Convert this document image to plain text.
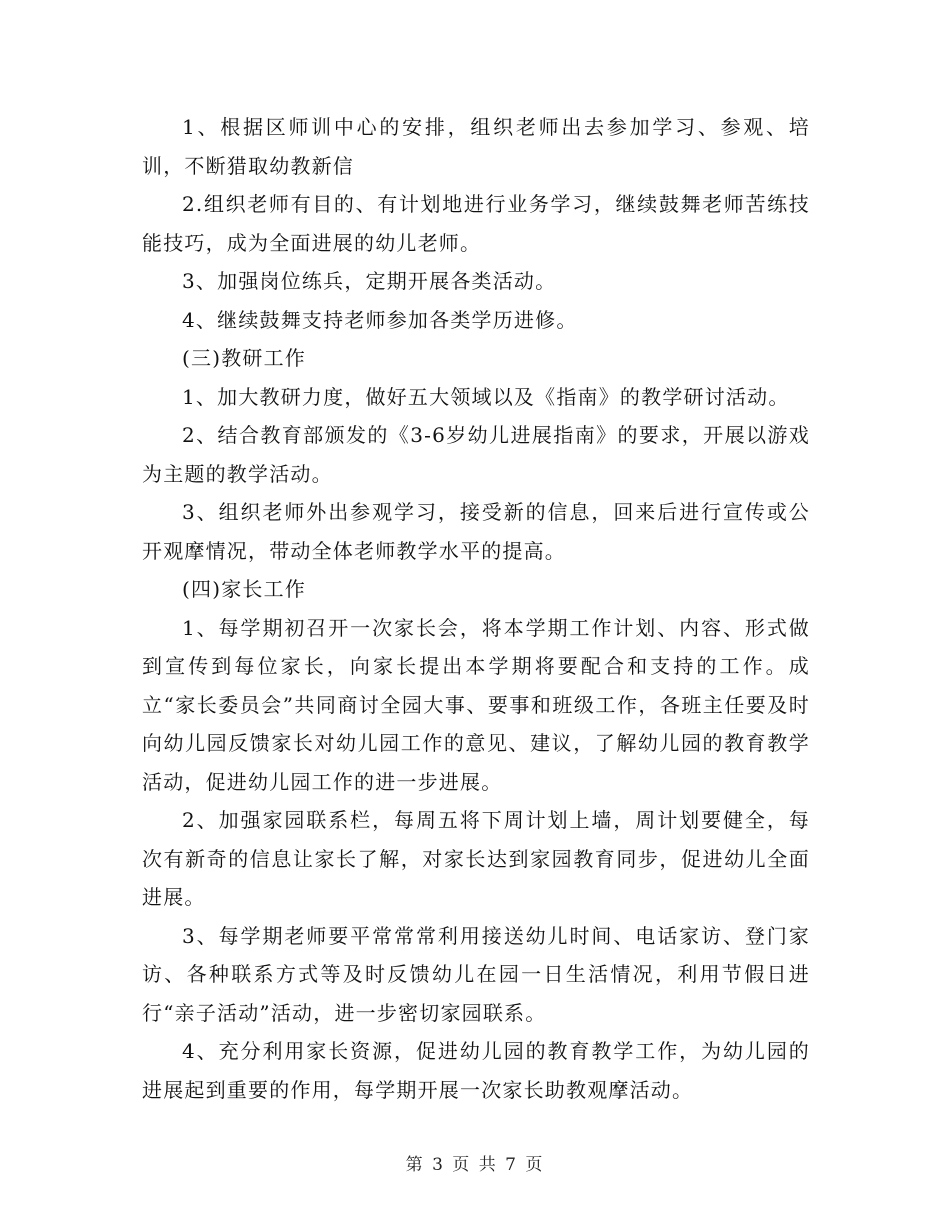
1、根据区师训中心的安排，组织老师出去参加学习、参观、培训，不断猎取幼教新信

2.组织老师有目的、有计划地进行业务学习，继续鼓舞老师苦练技能技巧，成为全面进展的幼儿老师。

3、加强岗位练兵，定期开展各类活动。

4、继续鼓舞支持老师参加各类学历进修。

(三)教研工作

1、加大教研力度，做好五大领域以及《指南》的教学研讨活动。

2、结合教育部颁发的《3-6岁幼儿进展指南》的要求，开展以游戏为主题的教学活动。

3、组织老师外出参观学习，接受新的信息，回来后进行宣传或公开观摩情况，带动全体老师教学水平的提高。

(四)家长工作

1、每学期初召开一次家长会，将本学期工作计划、内容、形式做到宣传到每位家长，向家长提出本学期将要配合和支持的工作。成立“家长委员会”共同商讨全园大事、要事和班级工作，各班主任要及时向幼儿园反馈家长对幼儿园工作的意见、建议，了解幼儿园的教育教学活动，促进幼儿园工作的进一步进展。

2、加强家园联系栏，每周五将下周计划上墙，周计划要健全，每次有新奇的信息让家长了解，对家长达到家园教育同步，促进幼儿全面进展。

3、每学期老师要平常常常利用接送幼儿时间、电话家访、登门家访、各种联系方式等及时反馈幼儿在园一日生活情况，利用节假日进行“亲子活动”活动，进一步密切家园联系。

4、充分利用家长资源，促进幼儿园的教育教学工作，为幼儿园的进展起到重要的作用，每学期开展一次家长助教观摩活动。

第 3 页 共 7 页
